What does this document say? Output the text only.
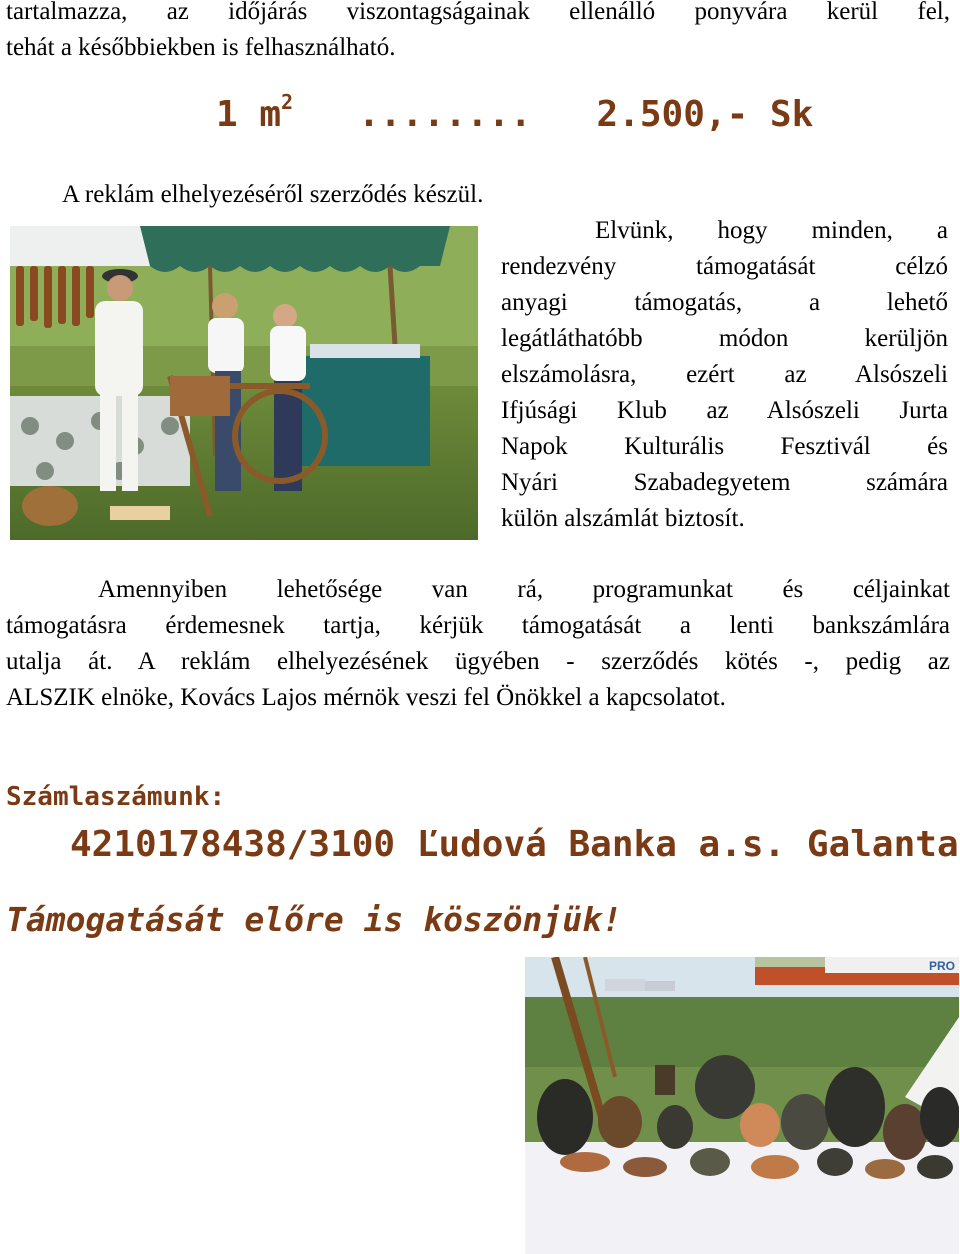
tartalmazza, az időjárás viszontagságainak ellenálló ponyvára kerül fel,
tehát a későbbiekben is felhasználható.
1 $m^2$ ........ 2.500,- Sk
A reklám elhelyezéséről szerződés készül.
Elvünk, hogy minden, a
rendezvény támogatását célzó
anyagi támogatás, a lehető
legátláthatóbb módon kerüljön
elszámolásra, ezért az Alsószeli
Ifjúsági Klub az Alsószeli Jurta
Napok Kulturális Fesztivál és
Nyári Szabadegyetem számára
külön alszámlát biztosít.
Amennyiben lehetősége van rá, programunkat és céljainkat
támogatásra érdemesnek tartja, kérjük támogatását a lenti bankszámlára
utalja át. A reklám elhelyezésének ügyében - szerződés kötés -, pedig az
ALSZIK elnöke, Kovács Lajos mérnök veszi fel Önökkel a kapcsolatot.
Számlaszámunk:
4210178438/3100 Ľudová Banka a.s. Galanta
Támogatását előre is köszönjük!
PRO
